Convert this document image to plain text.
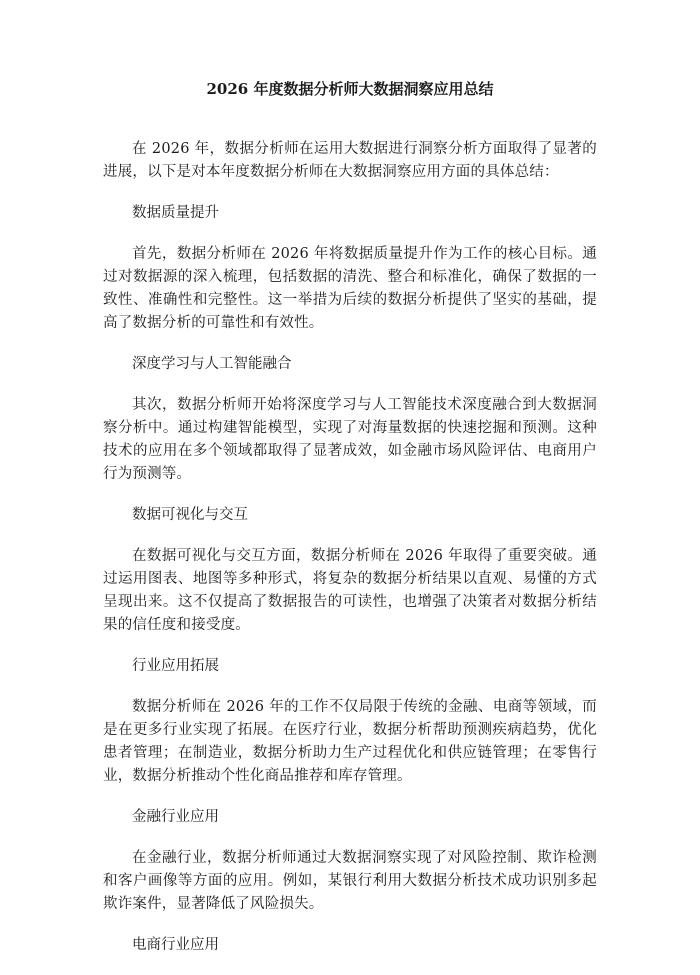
2026 年度数据分析师大数据洞察应用总结

在 2026 年，数据分析师在运用大数据进行洞察分析方面取得了显著的进展，以下是对本年度数据分析师在大数据洞察应用方面的具体总结：

数据质量提升

首先，数据分析师在 2026 年将数据质量提升作为工作的核心目标。通过对数据源的深入梳理，包括数据的清洗、整合和标准化，确保了数据的一致性、准确性和完整性。这一举措为后续的数据分析提供了坚实的基础，提高了数据分析的可靠性和有效性。

深度学习与人工智能融合

其次，数据分析师开始将深度学习与人工智能技术深度融合到大数据洞察分析中。通过构建智能模型，实现了对海量数据的快速挖掘和预测。这种技术的应用在多个领域都取得了显著成效，如金融市场风险评估、电商用户行为预测等。

数据可视化与交互

在数据可视化与交互方面，数据分析师在 2026 年取得了重要突破。通过运用图表、地图等多种形式，将复杂的数据分析结果以直观、易懂的方式呈现出来。这不仅提高了数据报告的可读性，也增强了决策者对数据分析结果的信任度和接受度。

行业应用拓展

数据分析师在 2026 年的工作不仅局限于传统的金融、电商等领域，而是在更多行业实现了拓展。在医疗行业，数据分析帮助预测疾病趋势，优化患者管理；在制造业，数据分析助力生产过程优化和供应链管理；在零售行业，数据分析推动个性化商品推荐和库存管理。

金融行业应用

在金融行业，数据分析师通过大数据洞察实现了对风险控制、欺诈检测和客户画像等方面的应用。例如，某银行利用大数据分析技术成功识别多起欺诈案件，显著降低了风险损失。

电商行业应用
